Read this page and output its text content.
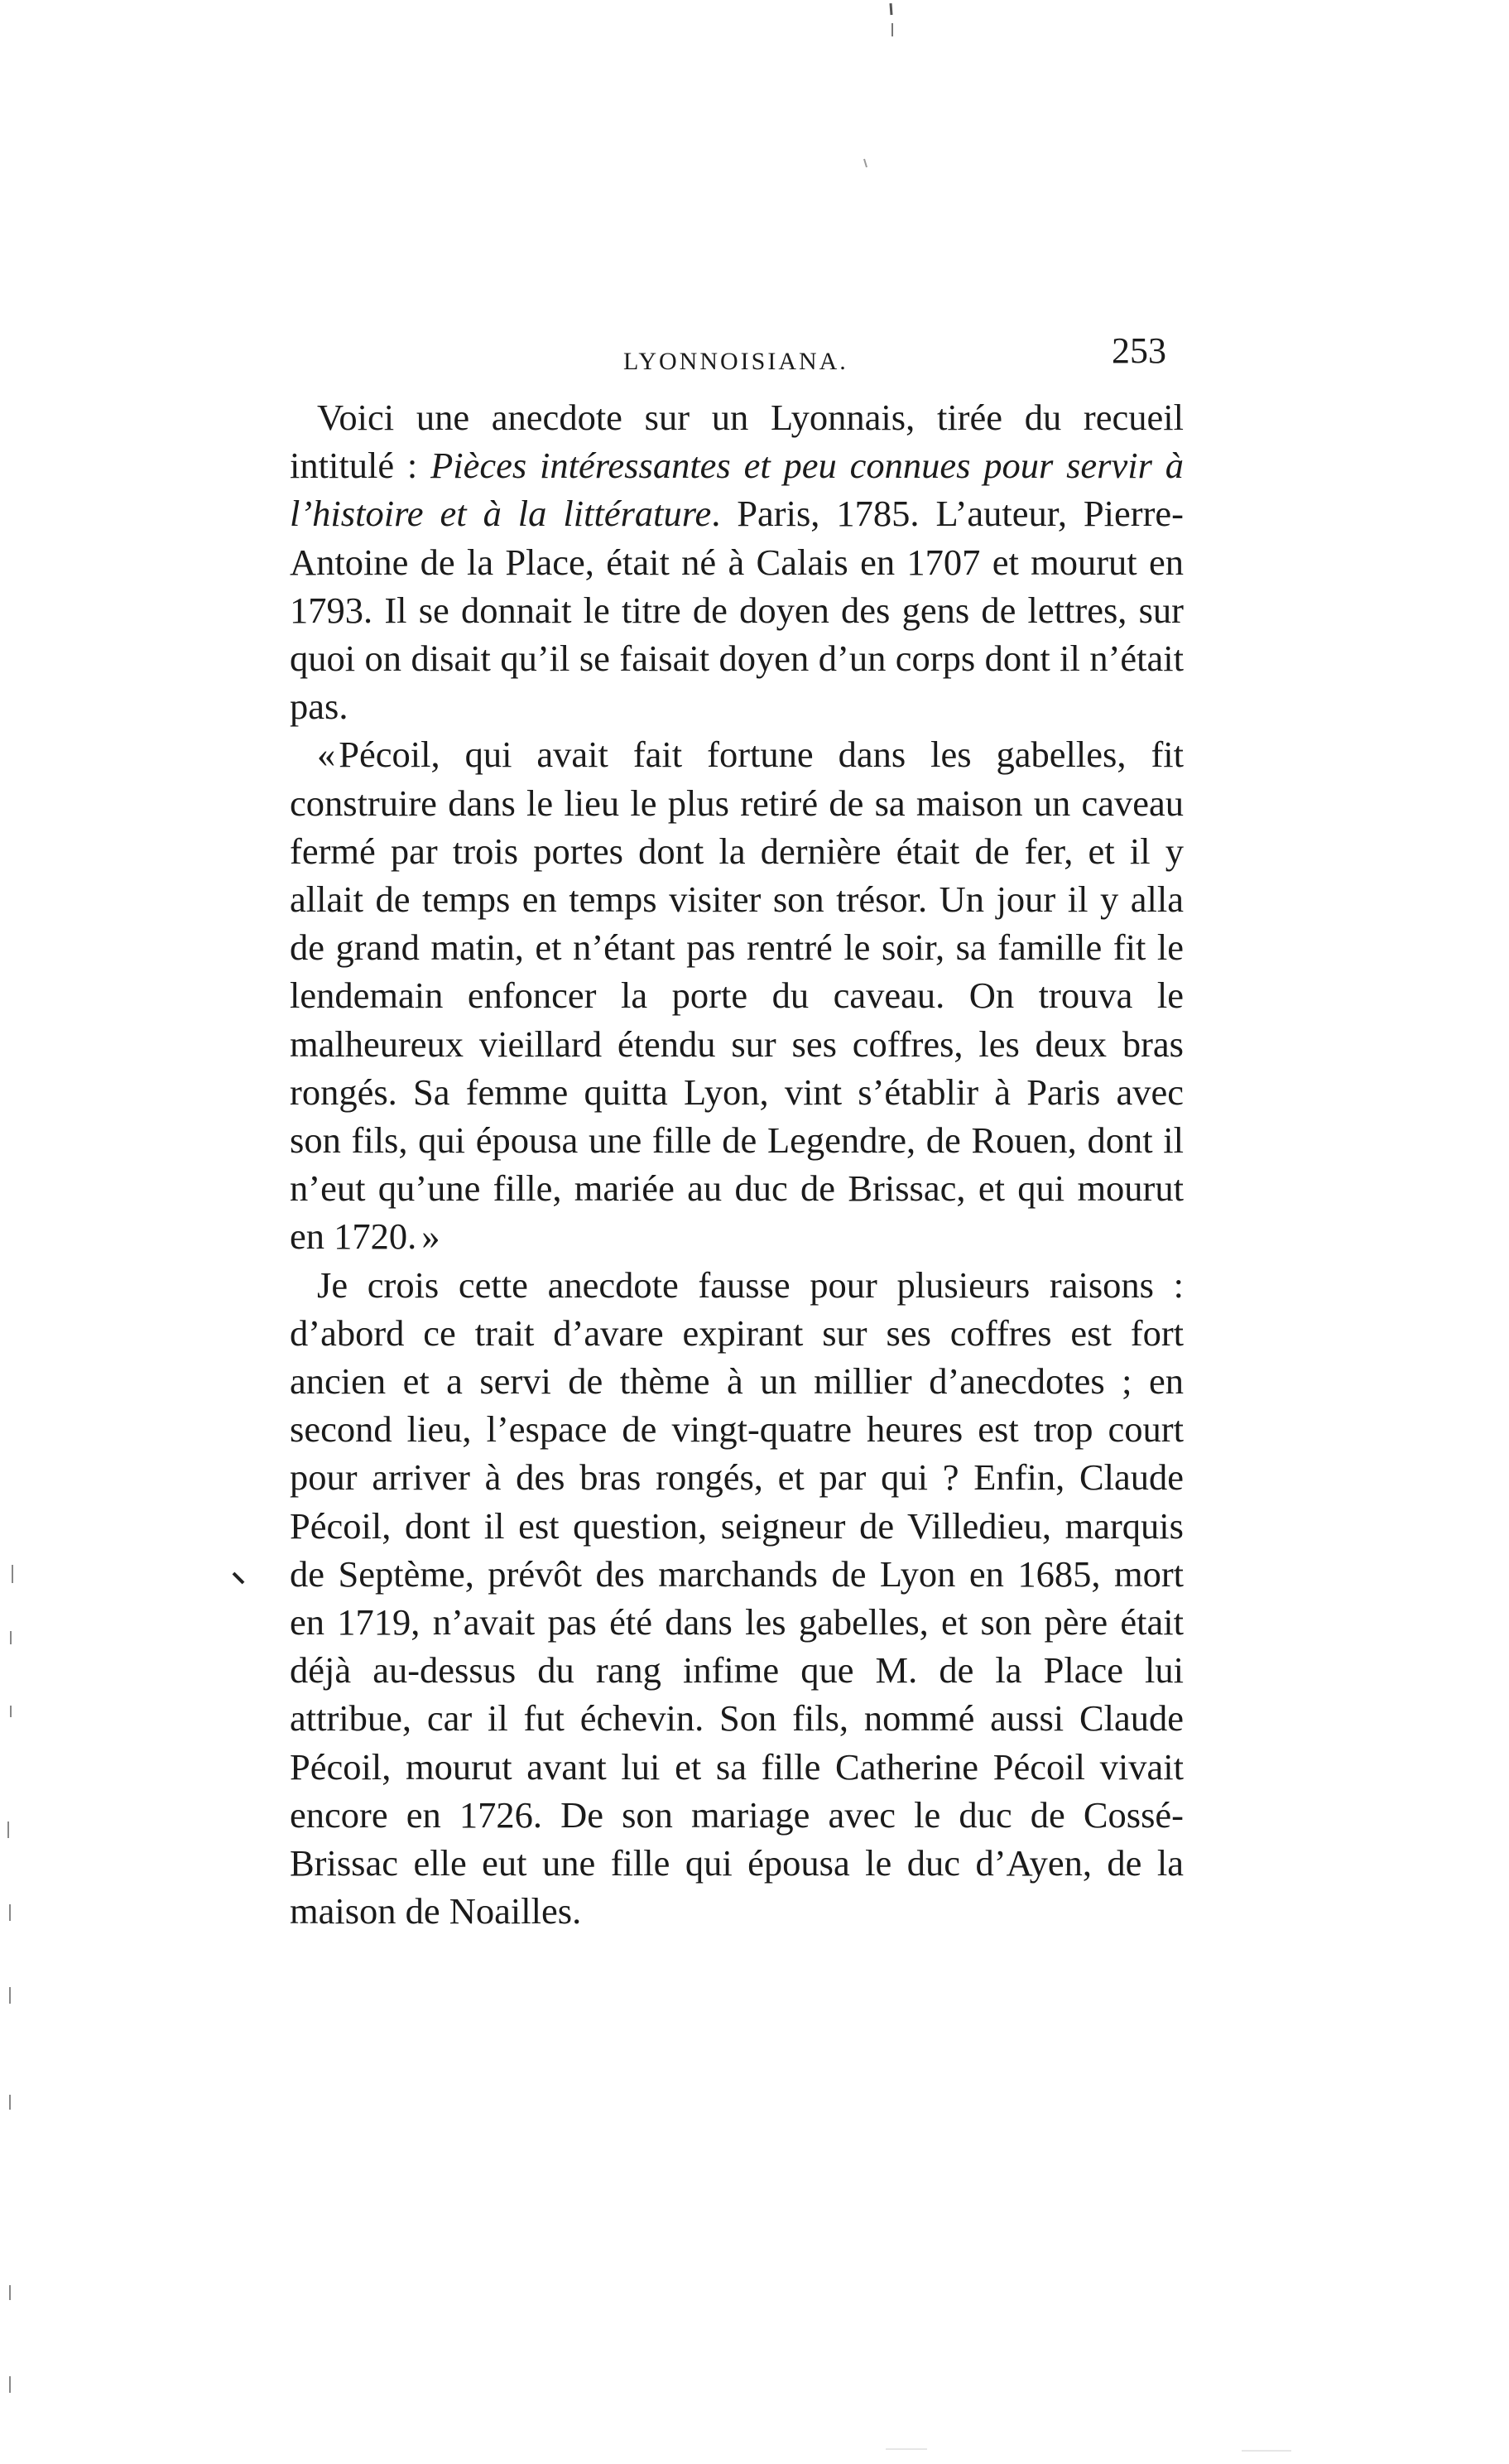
LYONNOISIANA.	253

Voici une anecdote sur un Lyonnais, tirée du recueil intitulé : Pièces intéressantes et peu connues pour servir à l’histoire et à la littérature. Paris, 1785. L’auteur, Pierre-Antoine de la Place, était né à Calais en 1707 et mourut en 1793. Il se donnait le titre de doyen des gens de lettres, sur quoi on disait qu’il se faisait doyen d’un corps dont il n’était pas.

«Pécoil, qui avait fait fortune dans les gabelles, fit construire dans le lieu le plus retiré de sa maison un caveau fermé par trois portes dont la dernière était de fer, et il y allait de temps en temps visiter son trésor. Un jour il y alla de grand matin, et n’étant pas rentré le soir, sa famille fit le lendemain enfoncer la porte du caveau. On trouva le malheureux vieillard étendu sur ses coffres, les deux bras rongés. Sa femme quitta Lyon, vint s’établir à Paris avec son fils, qui épousa une fille de Legendre, de Rouen, dont il n’eut qu’une fille, mariée au duc de Brissac, et qui mourut en 1720. »

Je crois cette anecdote fausse pour plusieurs raisons : d’abord ce trait d’avare expirant sur ses coffres est fort ancien et a servi de thème à un millier d’anecdotes ; en second lieu, l’espace de vingt-quatre heures est trop court pour arriver à des bras rongés, et par qui ? Enfin, Claude Pécoil, dont il est question, seigneur de Villedieu, marquis de Septème, prévôt des marchands de Lyon en 1685, mort en 1719, n’avait pas été dans les gabelles, et son père était déjà au-dessus du rang infime que M. de la Place lui attribue, car il fut échevin. Son fils, nommé aussi Claude Pécoil, mourut avant lui et sa fille Catherine Pécoil vivait encore en 1726. De son mariage avec le duc de Cossé-Brissac elle eut une fille qui épousa le duc d’Ayen, de la maison de Noailles.
